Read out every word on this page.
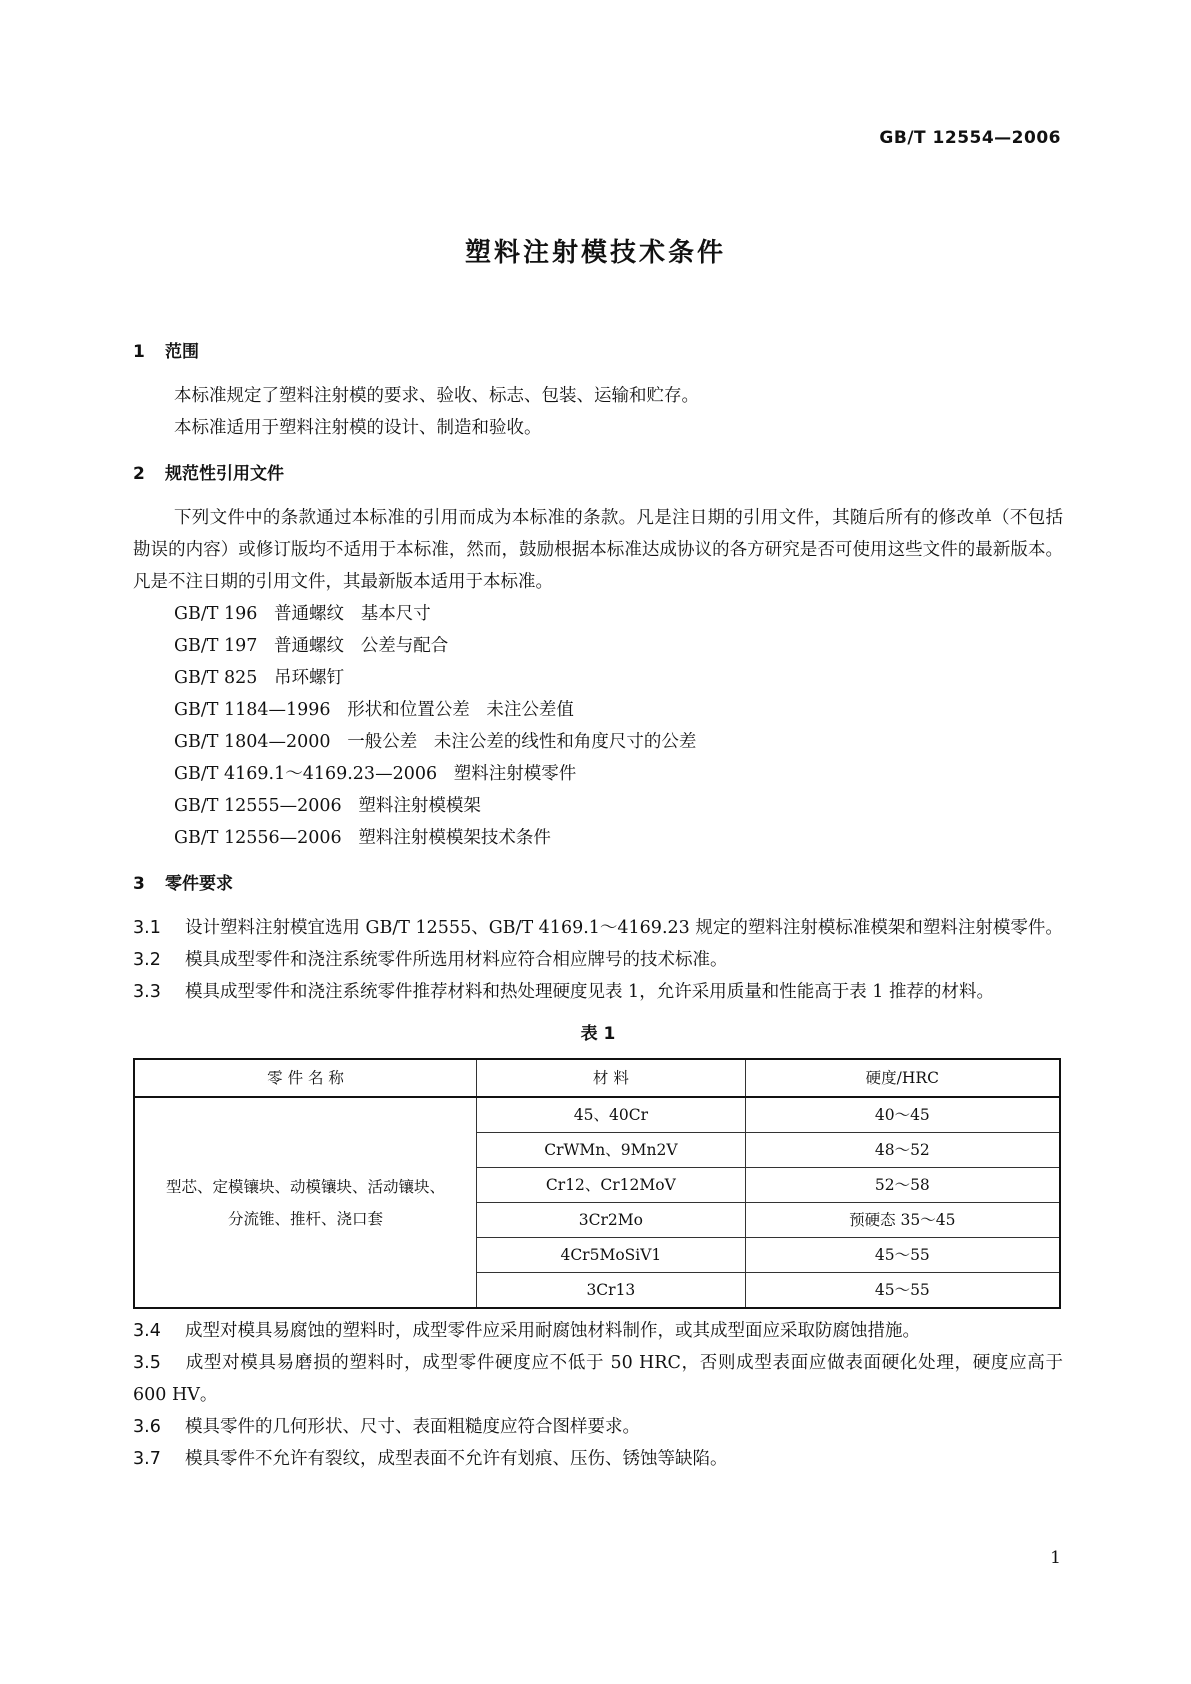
GB/T 12554—2006
塑料注射模技术条件
1 范围

本标准规定了塑料注射模的要求、验收、标志、包装、运输和贮存。

本标准适用于塑料注射模的设计、制造和验收。

2 规范性引用文件

下列文件中的条款通过本标准的引用而成为本标准的条款。凡是注日期的引用文件，其随后所有的修改单（不包括勘误的内容）或修订版均不适用于本标准，然而，鼓励根据本标准达成协议的各方研究是否可使用这些文件的最新版本。凡是不注日期的引用文件，其最新版本适用于本标准。

GB/T 196   普通螺纹   基本尺寸
GB/T 197   普通螺纹   公差与配合
GB/T 825   吊环螺钉
GB/T 1184—1996   形状和位置公差   未注公差值
GB/T 1804—2000   一般公差   未注公差的线性和角度尺寸的公差
GB/T 4169.1～4169.23—2006   塑料注射模零件
GB/T 12555—2006   塑料注射模模架
GB/T 12556—2006   塑料注射模模架技术条件
3 零件要求

3.1 设计塑料注射模宜选用 GB/T 12555、GB/T 4169.1～4169.23 规定的塑料注射模标准模架和塑料注射模零件。

3.2 模具成型零件和浇注系统零件所选用材料应符合相应牌号的技术标准。

3.3 模具成型零件和浇注系统零件推荐材料和热处理硬度见表 1，允许采用质量和性能高于表 1 推荐的材料。

表 1
零 件 名 称	材 料	硬度/HRC

型芯、定模镶块、动模镶块、活动镶块、
分流锥、推杆、浇口套	45、40Cr	40～45
	CrWMn、9Mn2V	48～52
	Cr12、Cr12MoV	52～58
	3Cr2Mo	预硬态 35～45
	4Cr5MoSiV1	45～55
	3Cr13	45～55

3.4 成型对模具易腐蚀的塑料时，成型零件应采用耐腐蚀材料制作，或其成型面应采取防腐蚀措施。

3.5 成型对模具易磨损的塑料时，成型零件硬度应不低于 50 HRC，否则成型表面应做表面硬化处理，硬度应高于 600 HV。

3.6 模具零件的几何形状、尺寸、表面粗糙度应符合图样要求。

3.7 模具零件不允许有裂纹，成型表面不允许有划痕、压伤、锈蚀等缺陷。

1
